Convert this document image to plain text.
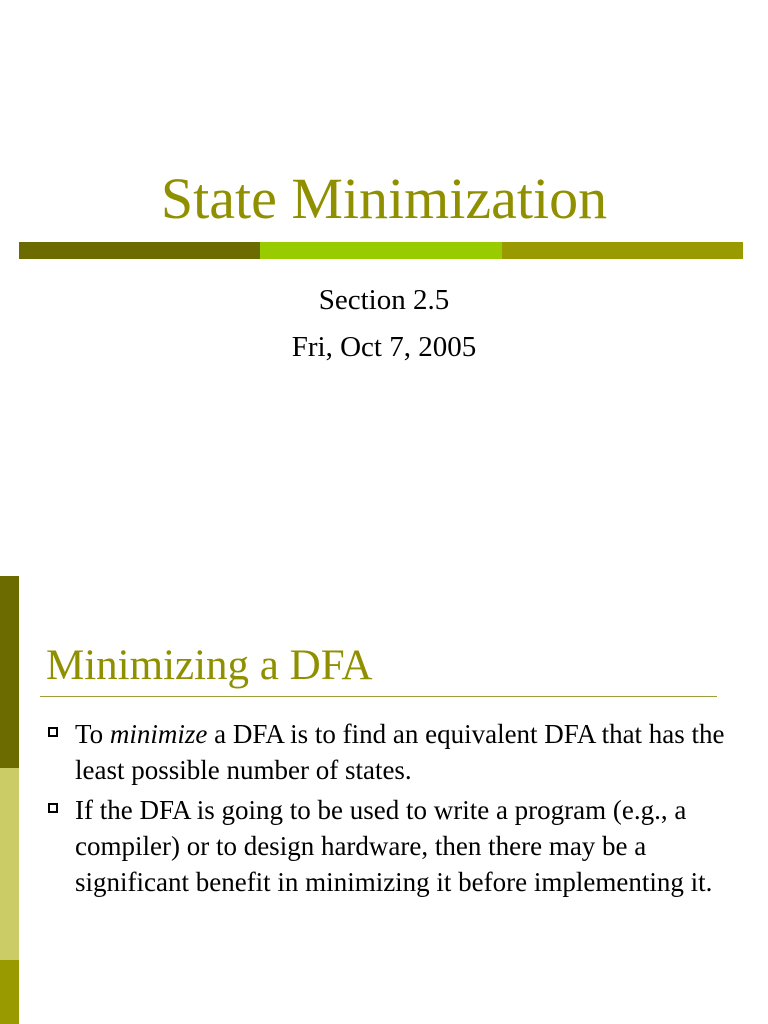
State Minimization
Section 2.5
Fri, Oct 7, 2005
Minimizing a DFA
To minimize a DFA is to find an equivalent DFA that has the least possible number of states.
If the DFA is going to be used to write a program (e.g., a compiler) or to design hardware, then there may be a significant benefit in minimizing it before implementing it.
